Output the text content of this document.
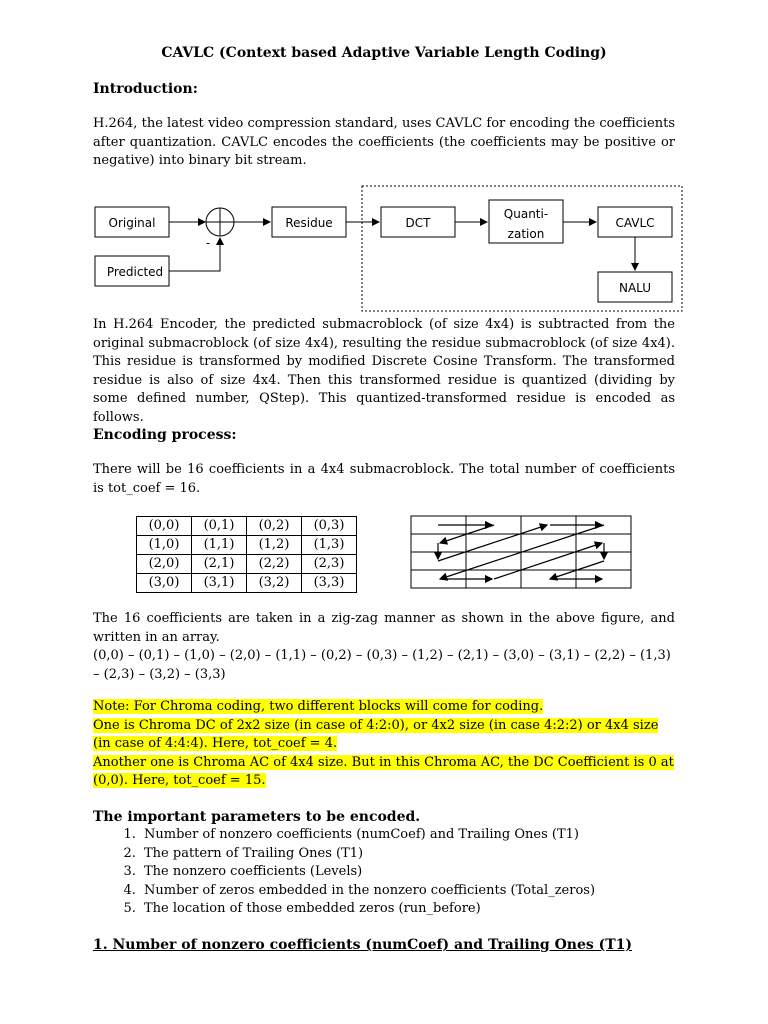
CAVLC (Context based Adaptive Variable Length Coding)
Introduction:
H.264, the latest video compression standard, uses CAVLC for encoding the coefficients after quantization. CAVLC encodes the coefficients (the coefficients may be positive or negative) into binary bit stream.
Original
Predicted
-
Residue	DCT
Quanti-
zation
CAVLC
NALU
In H.264 Encoder, the predicted submacroblock (of size 4x4) is subtracted from the original submacroblock (of size 4x4), resulting the residue submacroblock (of size 4x4). This residue is transformed by modified Discrete Cosine Transform. The transformed residue is also of size 4x4. Then this transformed residue is quantized (dividing by some defined number, QStep). This quantized-transformed residue is encoded as follows.
Encoding process:
There will be 16 coefficients in a 4x4 submacroblock. The total number of coefficients is tot_coef = 16.
(0,0)	(0,1)	(0,2)	(0,3)
(1,0)	(1,1)	(1,2)	(1,3)
(2,0)	(2,1)	(2,2)	(2,3)
(3,0)	(3,1)	(3,2)	(3,3)
The 16 coefficients are taken in a zig-zag manner as shown in the above figure, and written in an array.
(0,0) – (0,1) – (1,0) – (2,0) – (1,1) – (0,2) – (0,3) – (1,2) – (2,1) – (3,0) – (3,1) – (2,2) – (1,3) – (2,3) – (3,2) – (3,3)
Note: For Chroma coding, two different blocks will come for coding.
One is Chroma DC of 2x2 size (in case of 4:2:0), or 4x2 size (in case 4:2:2) or 4x4 size (in case of 4:4:4). Here, tot_coef = 4.
Another one is Chroma AC of 4x4 size. But in this Chroma AC, the DC Coefficient is 0 at (0,0). Here, tot_coef = 15.
The important parameters to be encoded.
1. Number of nonzero coefficients (numCoef) and Trailing Ones (T1)
2. The pattern of Trailing Ones (T1)
3. The nonzero coefficients (Levels)
4. Number of zeros embedded in the nonzero coefficients (Total_zeros)
5. The location of those embedded zeros (run_before)
1. Number of nonzero coefficients (numCoef) and Trailing Ones (T1)
